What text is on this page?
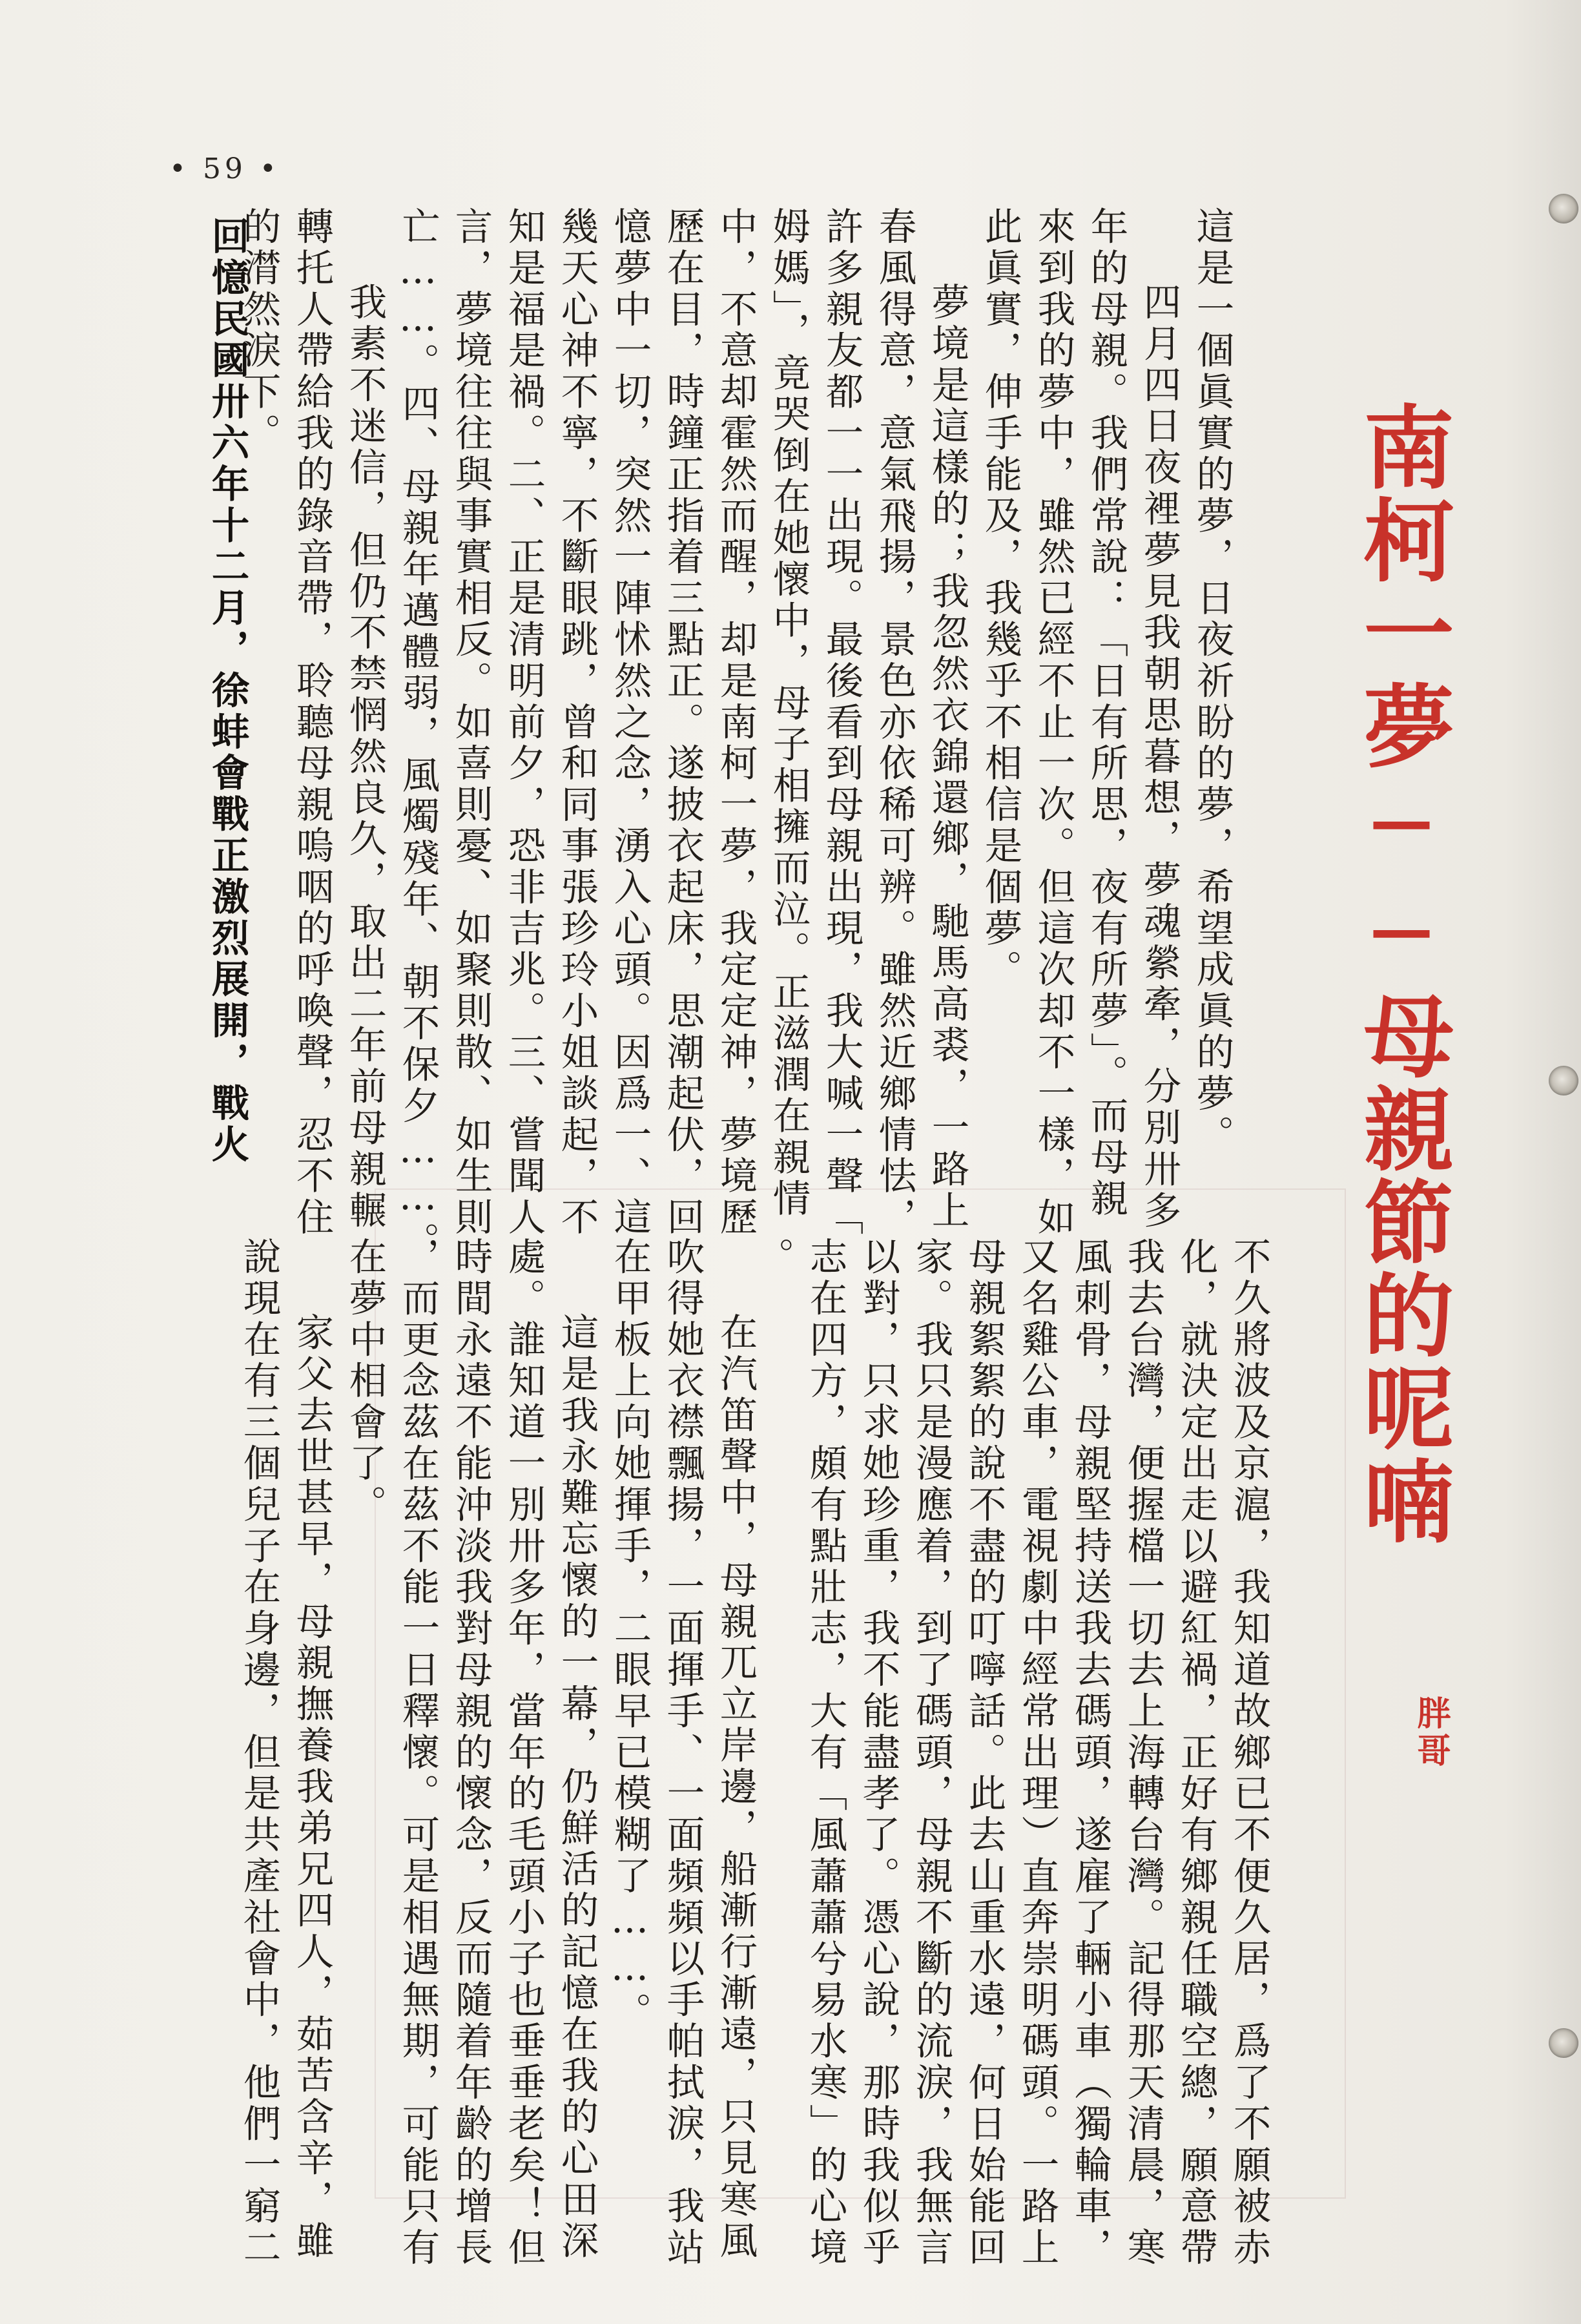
• 59 •
南柯一夢──母親節的呢喃
胖哥
這是一個眞實的夢，日夜祈盼的夢，希望成眞的夢。
四月四日夜裡夢見我朝思暮想，夢魂縈牽，分別卅多
年的母親。我們常說：「日有所思，夜有所夢」。而母親
來到我的夢中，雖然已經不止一次。但這次却不一樣，如
此眞實，伸手能及，我幾乎不相信是個夢。
夢境是這樣的；我忽然衣錦還鄉，馳馬高裘，一路上
春風得意，意氣飛揚，景色亦依稀可辨。雖然近鄉情怯，
許多親友都一一出現。最後看到母親出現，我大喊一聲「
姆媽」，竟哭倒在她懷中，母子相擁而泣。正滋潤在親情
中，不意却霍然而醒，却是南柯一夢，我定定神，夢境歷
歷在目，時鐘正指着三點正。遂披衣起床，思潮起伏，回
憶夢中一切，突然一陣怵然之念，湧入心頭。因爲一、這
幾天心神不寧，不斷眼跳，曾和同事張珍玲小姐談起，不
知是福是禍。二、正是清明前夕，恐非吉兆。三、嘗聞人
言，夢境往往與事實相反。如喜則憂、如聚則散、如生則
亡……。四、母親年邁體弱，風燭殘年、朝不保夕……。
我素不迷信，但仍不禁惘然良久，取出二年前母親輾
轉托人帶給我的錄音帶，聆聽母親嗚咽的呼喚聲，忍不住
的潸然淚下。
不久將波及京滬，我知道故鄉已不便久居，爲了不願被赤
化，就決定出走以避紅禍，正好有鄉親任職空總，願意帶
我去台灣，便握檔一切去上海轉台灣。記得那天清晨，寒
風刺骨，母親堅持送我去碼頭，遂雇了輛小車（獨輪車，
又名雞公車，電視劇中經常出理）直奔崇明碼頭。一路上
母親絮絮的說不盡的叮嚀話。此去山重水遠，何日始能回
家。我只是漫應着，到了碼頭，母親不斷的流淚，我無言
以對，只求她珍重，我不能盡孝了。憑心說，那時我似乎
志在四方，頗有點壯志，大有「風蕭蕭兮易水寒」的心境
。
在汽笛聲中，母親兀立岸邊，船漸行漸遠，只見寒風
吹得她衣襟飄揚，一面揮手、一面頻頻以手帕拭淚，我站
在甲板上向她揮手，二眼早已模糊了……。
這是我永難忘懷的一幕，仍鮮活的記憶在我的心田深
處。誰知道一別卅多年，當年的毛頭小子也垂垂老矣！但
時間永遠不能沖淡我對母親的懷念，反而隨着年齡的增長
，而更念茲在茲不能一日釋懷。可是相遇無期，可能只有
在夢中相會了。
家父去世甚早，母親撫養我弟兄四人，茹苦含辛，雖
說現在有三個兒子在身邊，但是共產社會中，他們一窮二
回憶民國卅六年十二月，徐蚌會戰正激烈展開，戰火
